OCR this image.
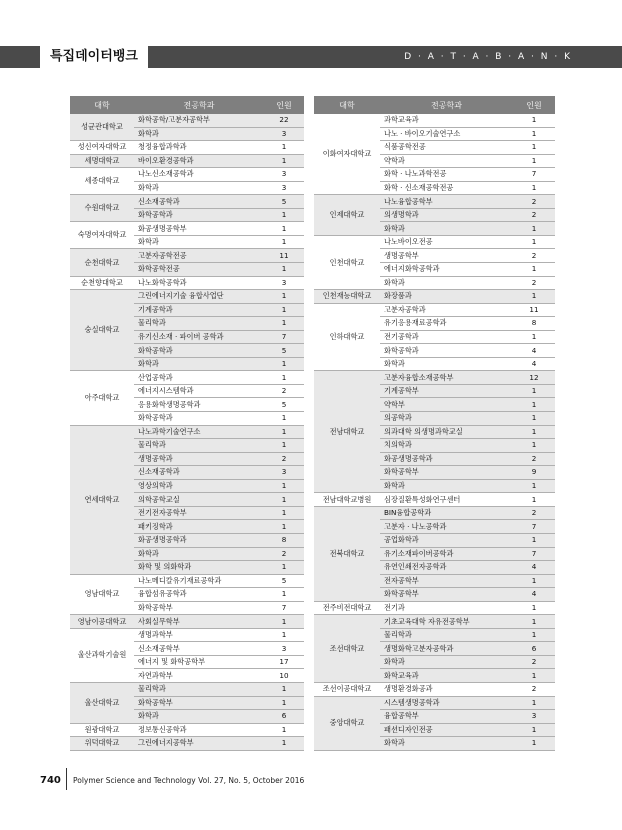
특집데이터뱅크	D · A · T · A · B · A · N · K
대학	전공학과	인원
성균관대학교	화학공학/고분자공학부	22
	화학과	3
성신여자대학교	청정융합과학과	1
세명대학교	바이오환경공학과	1
세종대학교	나노신소재공학과	3
	화학과	3
수원대학교	신소재공학과	5
	화학공학과	1
숙명여자대학교	화공생명공학부	1
	화학과	1
순천대학교	고분자공학전공	11
	화학공학전공	1
순천향대학교	나노화학공학과	3
숭실대학교	그린에너지기술 융합사업단	1
	기계공학과	1
	물리학과	1
	유기신소재 · 파이버 공학과	7
	화학공학과	5
	화학과	1
아주대학교	산업공학과	1
	에너지시스템학과	2
	응용화학생명공학과	5
	화학공학과	1
연세대학교	나노과학기술연구소	1
	물리학과	1
	생명공학과	2
	신소재공학과	3
	영상의학과	1
	의학공학교실	1
	전기전자공학부	1
	패키징학과	1
	화공생명공학과	8
	화학과	2
	화학 및 의화학과	1
영남대학교	나노메디칼유기재료공학과	5
	융합섬유공학과	1
	화학공학부	7
영남이공대학교	사회실무학부	1
울산과학기술원	생명과학부	1
	신소재공학부	3
	에너지 및 화학공학부	17
	자연과학부	10
울산대학교	물리학과	1
	화학공학부	1
	화학과	6
원광대학교	정보통신공학과	1
위덕대학교	그린에너지공학부	1
대학	전공학과	인원
이화여자대학교	과학교육과	1
	나노 · 바이오기술연구소	1
	식품공학전공	1
	약학과	1
	화학 · 나노과학전공	7
	화학 · 신소재공학전공	1
인제대학교	나노융합공학부	2
	의생명학과	2
	화학과	1
인천대학교	나노바이오전공	1
	생명공학부	2
	에너지화학공학과	1
	화학과	2
인천재능대학교	화장품과	1
인하대학교	고분자공학과	11
	유기응용재료공학과	8
	전기공학과	1
	화학공학과	4
	화학과	4
전남대학교	고분자융합소재공학부	12
	기계공학부	1
	약학부	1
	의공학과	1
	의과대학 의생명과학교실	1
	치의학과	1
	화공생명공학과	2
	화학공학부	9
	화학과	1
전남대학교병원	심장질환특성화연구센터	1
전북대학교	BIN융합공학과	2
	고분자 · 나노공학과	7
	공업화학과	1
	유기소재파이버공학과	7
	유연인쇄전자공학과	4
	전자공학부	1
	화학공학부	4
전주비전대학교	전기과	1
조선대학교	기초교육대학 자유전공학부	1
	물리학과	1
	생명화학고분자공학과	6
	화학과	2
	화학교육과	1
조선이공대학교	생명환경화공과	2
중앙대학교	시스템생명공학과	1
	융합공학부	3
	패션디자인전공	1
	화학과	1
740 Polymer Science and Technology Vol. 27, No. 5, October 2016
